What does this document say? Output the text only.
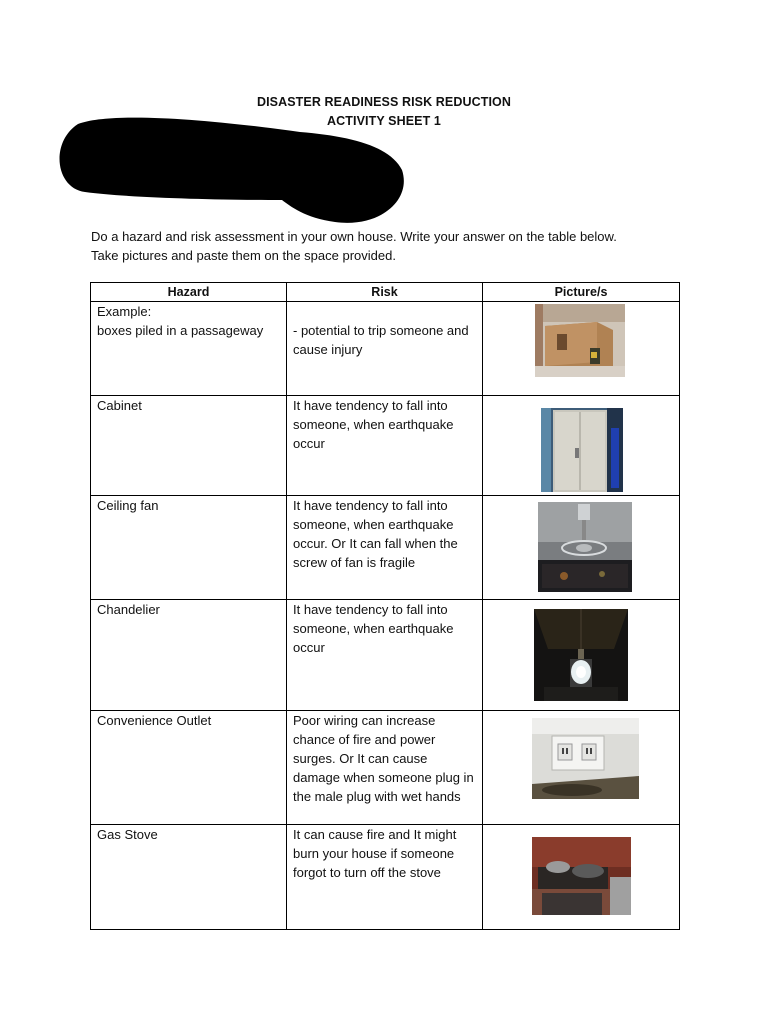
DISASTER READINESS RISK REDUCTION
ACTIVITY SHEET 1
Do a hazard and risk assessment in your own house. Write your answer on the table below.
Take pictures and paste them on the space provided.
Hazard	Risk	Picture/s

Example:
boxes piled in a passageway	- potential to trip someone and cause injury	

Cabinet	It have tendency to fall into someone, when earthquake occur	

Ceiling fan	It have tendency to fall into someone, when earthquake occur. Or It can fall when the screw of fan is fragile	

Chandelier	It have tendency to fall into someone, when earthquake occur	

Convenience Outlet	Poor wiring can increase chance of fire and power surges. Or It can cause damage when someone plug in the male plug with wet hands	

Gas Stove	It can cause fire and It might burn your house if someone forgot to turn off the stove	
